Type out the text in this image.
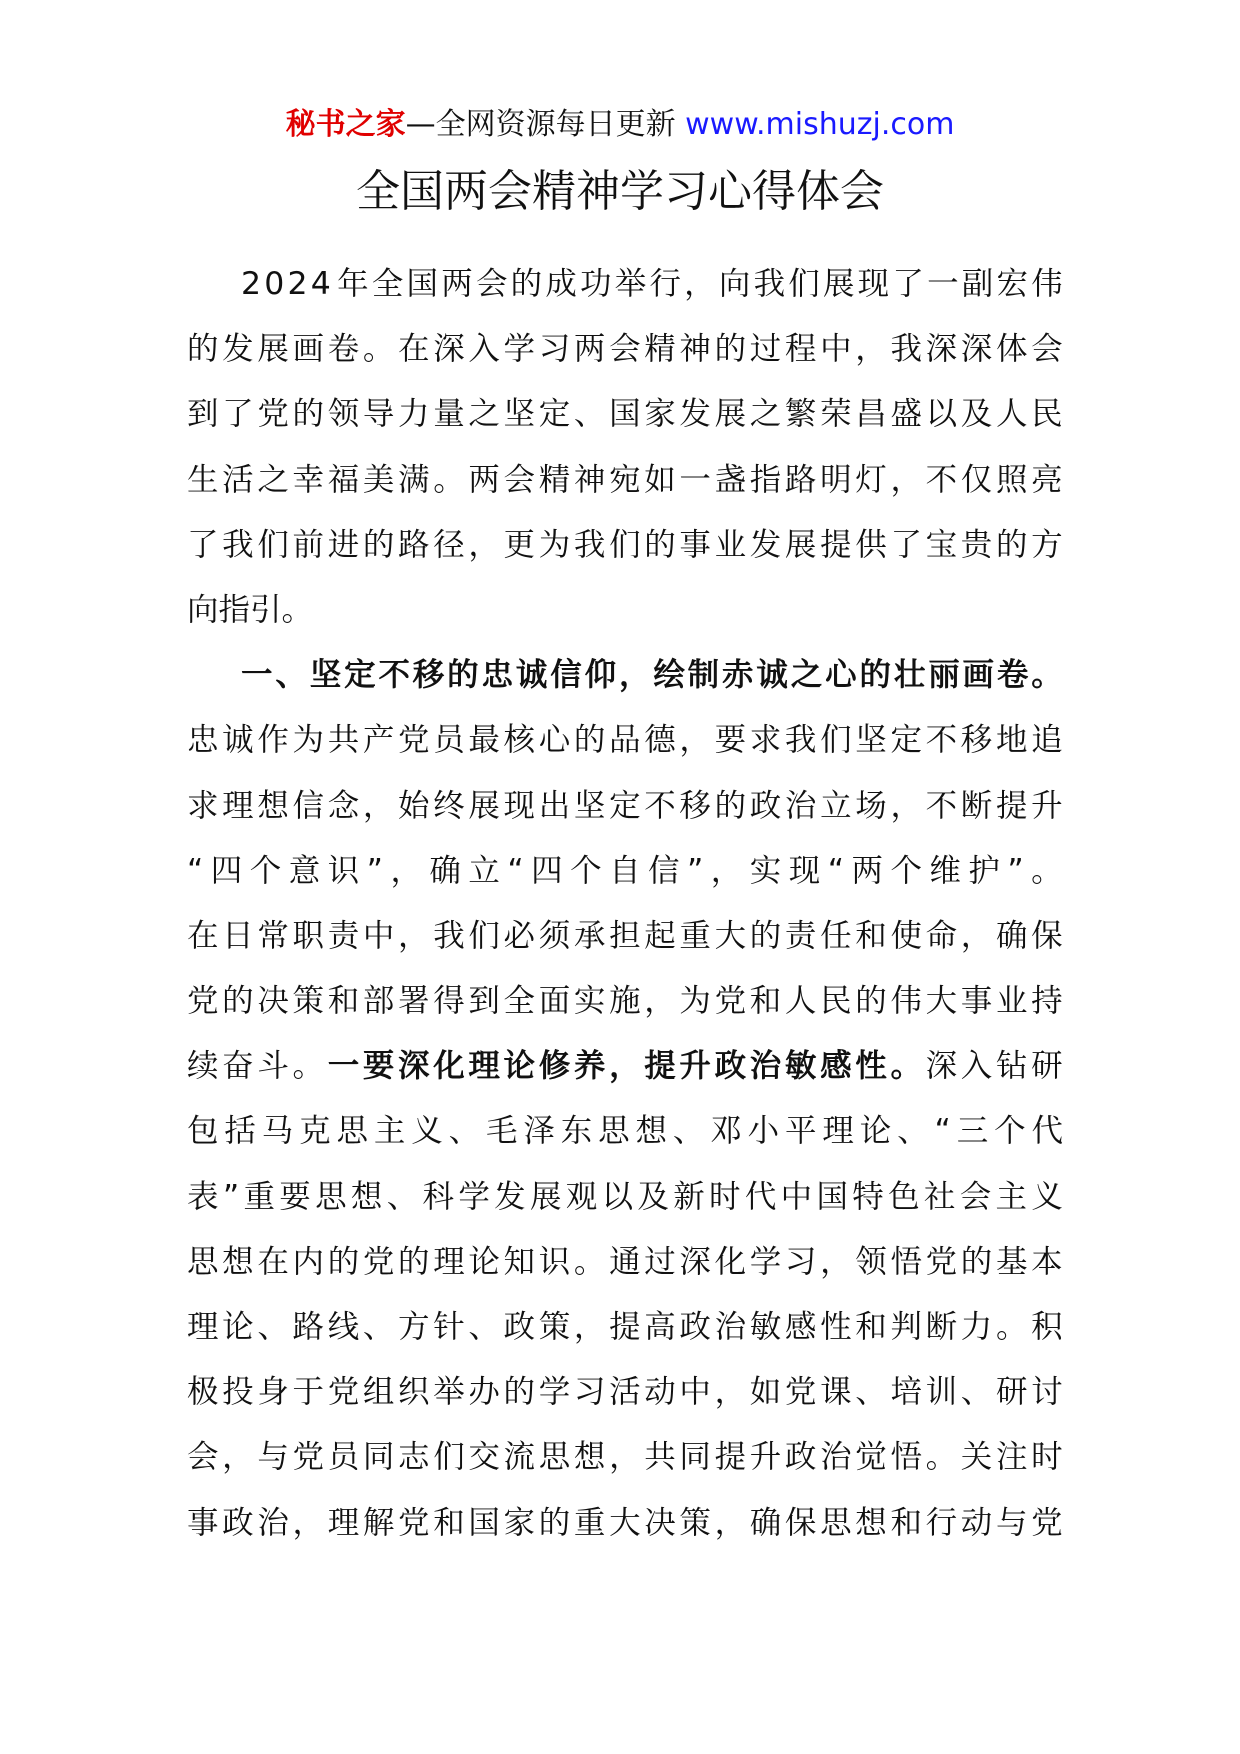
秘书之家—全网资源每日更新 www.mishuzj.com
全国两会精神学习心得体会
2 0 2 4 年 全 国 两 会 的 成 功 举 行 ， 向 我 们 展 现 了 一 副 宏 伟
的 发 展 画 卷 。 在 深 入 学 习 两 会 精 神 的 过 程 中 ， 我 深 深 体 会
到 了 党 的 领 导 力 量 之 坚 定 、 国 家 发 展 之 繁 荣 昌 盛 以 及 人 民
生 活 之 幸 福 美 满 。 两 会 精 神 宛 如 一 盏 指 路 明 灯 ， 不 仅 照 亮
了 我 们 前 进 的 路 径 ， 更 为 我 们 的 事 业 发 展 提 供 了 宝 贵 的 方
向指引。
一 、 坚 定 不 移 的 忠 诚 信 仰 ， 绘 制 赤 诚 之 心 的 壮 丽 画 卷 。
忠 诚 作 为 共 产 党 员 最 核 心 的 品 德 ， 要 求 我 们 坚 定 不 移 地 追
求 理 想 信 念 ， 始 终 展 现 出 坚 定 不 移 的 政 治 立 场 ， 不 断 提 升
“ 四 个 意 识 ” ， 确 立 “ 四 个 自 信 ” ， 实 现 “ 两 个 维 护 ” 。
在 日 常 职 责 中 ， 我 们 必 须 承 担 起 重 大 的 责 任 和 使 命 ， 确 保
党 的 决 策 和 部 署 得 到 全 面 实 施 ， 为 党 和 人 民 的 伟 大 事 业 持
续 奋 斗 。 一 要 深 化 理 论 修 养 ， 提 升 政 治 敏 感 性 。 深 入 钻 研
包 括 马 克 思 主 义 、 毛 泽 东 思 想 、 邓 小 平 理 论 、 “ 三 个 代
表 ” 重 要 思 想 、 科 学 发 展 观 以 及 新 时 代 中 国 特 色 社 会 主 义
思 想 在 内 的 党 的 理 论 知 识 。 通 过 深 化 学 习 ， 领 悟 党 的 基 本
理 论 、 路 线 、 方 针 、 政 策 ， 提 高 政 治 敏 感 性 和 判 断 力 。 积
极 投 身 于 党 组 织 举 办 的 学 习 活 动 中 ， 如 党 课 、 培 训 、 研 讨
会 ， 与 党 员 同 志 们 交 流 思 想 ， 共 同 提 升 政 治 觉 悟 。 关 注 时
事 政 治 ， 理 解 党 和 国 家 的 重 大 决 策 ， 确 保 思 想 和 行 动 与 党
